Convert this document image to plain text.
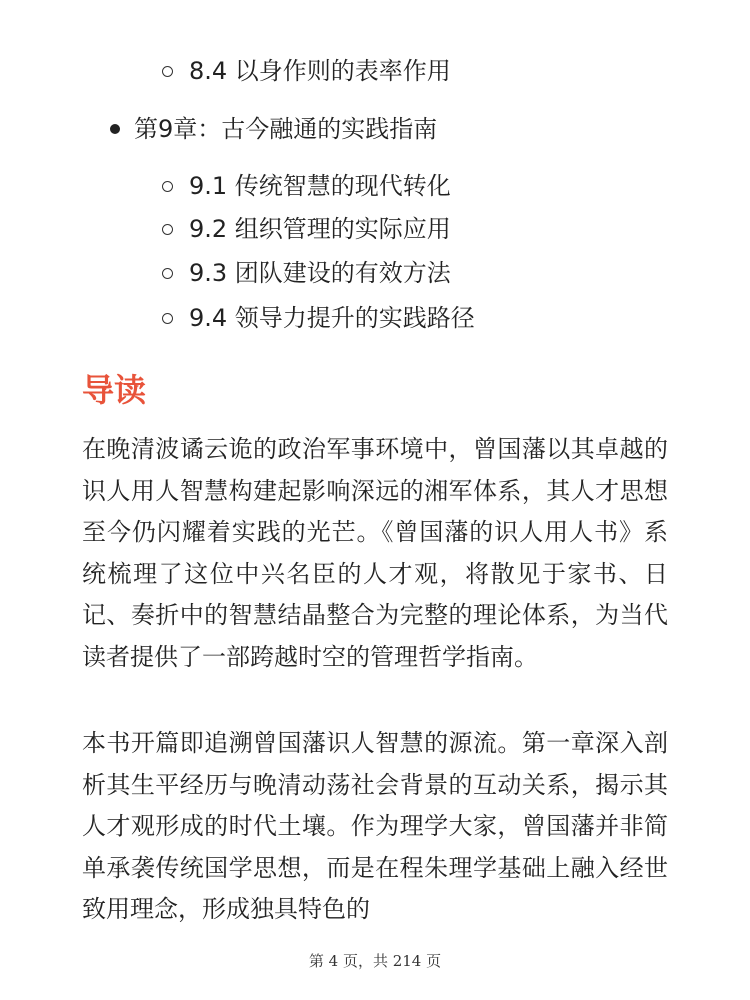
8.4 以身作则的表率作用
第9章：古今融通的实践指南
9.1 传统智慧的现代转化
9.2 组织管理的实际应用
9.3 团队建设的有效方法
9.4 领导力提升的实践路径
导读

在晚清波谲云诡的政治军事环境中，曾国藩以其卓越的识人用人智慧构建起影响深远的湘军体系，其人才思想至今仍闪耀着实践的光芒。《曾国藩的识人用人书》系统梳理了这位中兴名臣的人才观，将散见于家书、日记、奏折中的智慧结晶整合为完整的理论体系，为当代读者提供了一部跨越时空的管理哲学指南。

本书开篇即追溯曾国藩识人智慧的源流。第一章深入剖析其生平经历与晚清动荡社会背景的互动关系，揭示其人才观形成的时代土壤。作为理学大家，曾国藩并非简单承袭传统国学思想，而是在程朱理学基础上融入经世致用理念，形成独具特色的

第 4 页，共 214 页
